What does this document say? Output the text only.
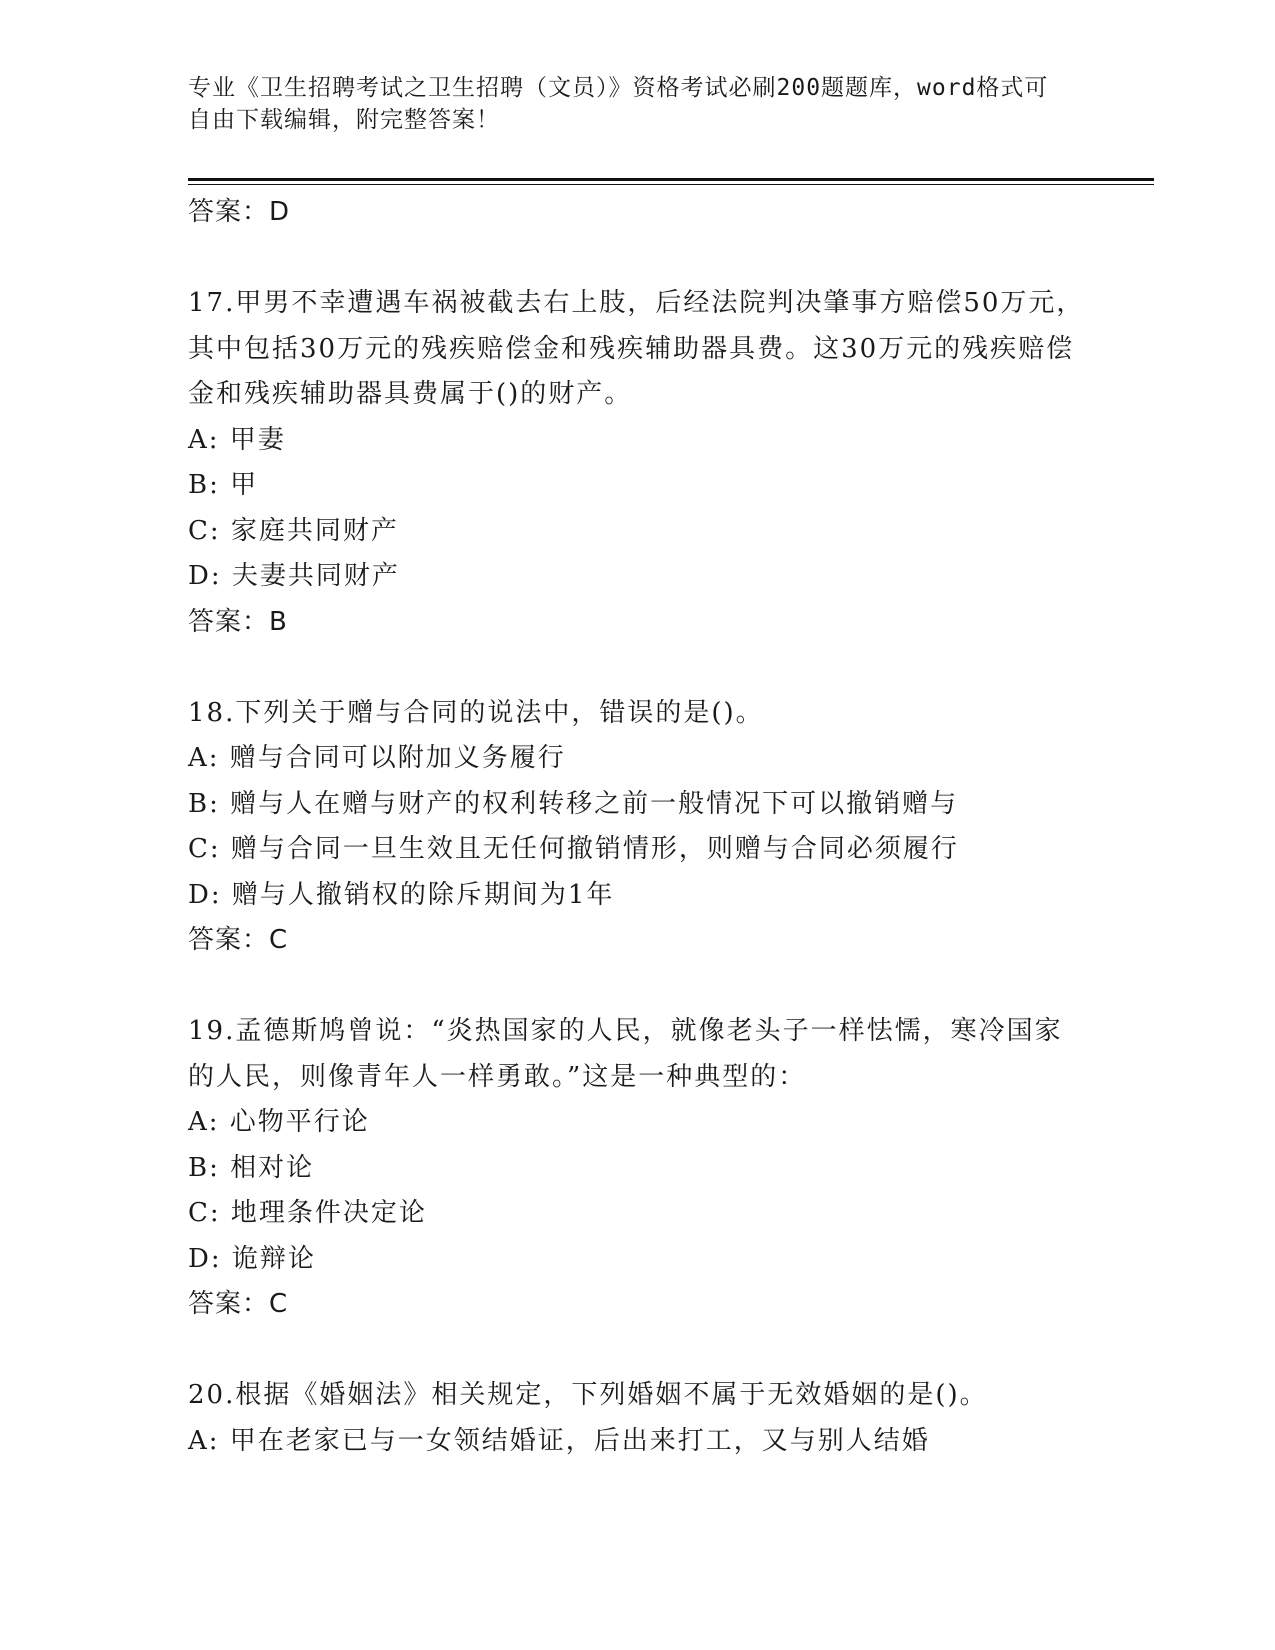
专业《卫生招聘考试之卫生招聘（文员）》资格考试必刷200题题库，word格式可自由下载编辑，附完整答案！
答案：D
17.甲男不幸遭遇车祸被截去右上肢，后经法院判决肇事方赔偿50万元，其中包括30万元的残疾赔偿金和残疾辅助器具费。这30万元的残疾赔偿金和残疾辅助器具费属于()的财产。
A: 甲妻
B: 甲
C: 家庭共同财产
D: 夫妻共同财产
答案：B
18.下列关于赠与合同的说法中，错误的是()。
A: 赠与合同可以附加义务履行
B: 赠与人在赠与财产的权利转移之前一般情况下可以撤销赠与
C: 赠与合同一旦生效且无任何撤销情形，则赠与合同必须履行
D: 赠与人撤销权的除斥期间为1年
答案：C
19.孟德斯鸠曾说：“炎热国家的人民，就像老头子一样怯懦，寒冷国家的人民，则像青年人一样勇敢。”这是一种典型的：
A: 心物平行论
B: 相对论
C: 地理条件决定论
D: 诡辩论
答案：C
20.根据《婚姻法》相关规定，下列婚姻不属于无效婚姻的是()。
A: 甲在老家已与一女领结婚证，后出来打工，又与别人结婚
